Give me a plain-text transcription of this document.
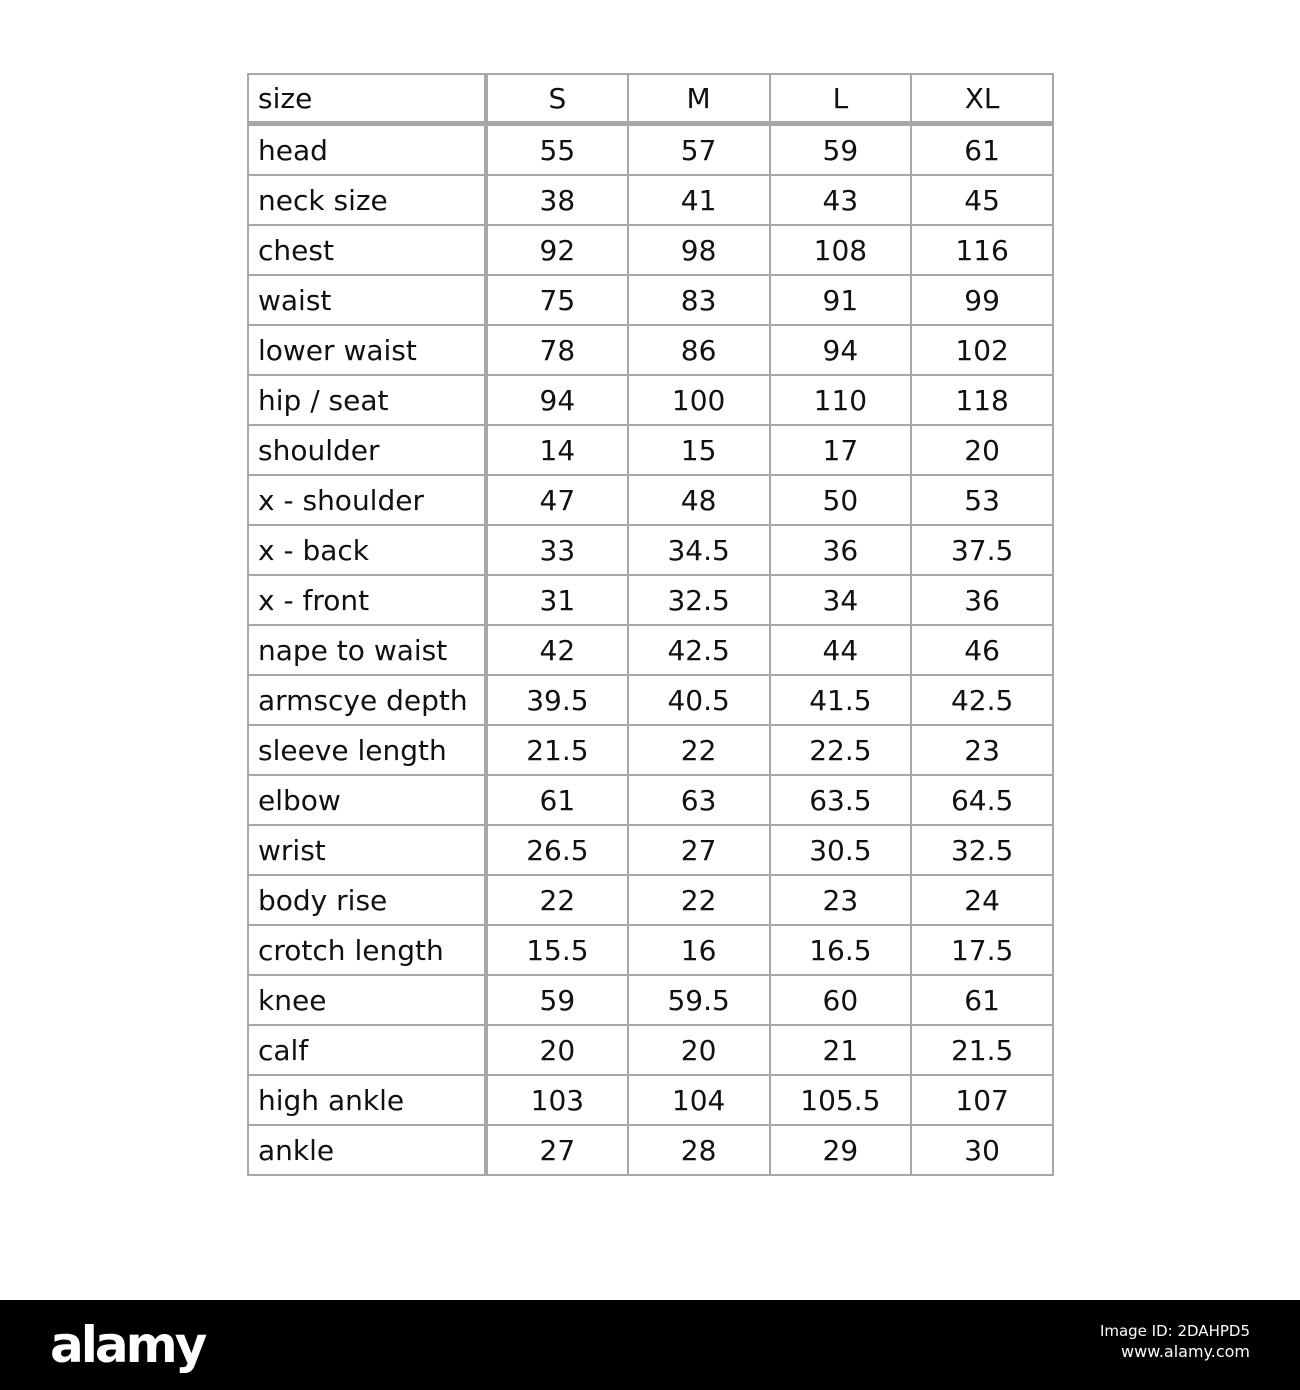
size	S	M	L	XL
head	55	57	59	61
neck size	38	41	43	45
chest	92	98	108	116
waist	75	83	91	99
lower waist	78	86	94	102
hip / seat	94	100	110	118
shoulder	14	15	17	20
x - shoulder	47	48	50	53
x - back	33	34.5	36	37.5
x - front	31	32.5	34	36
nape to waist	42	42.5	44	46
armscye depth	39.5	40.5	41.5	42.5
sleeve length	21.5	22	22.5	23
elbow	61	63	63.5	64.5
wrist	26.5	27	30.5	32.5
body rise	22	22	23	24
crotch length	15.5	16	16.5	17.5
knee	59	59.5	60	61
calf	20	20	21	21.5
high ankle	103	104	105.5	107
ankle	27	28	29	30
alamy	Image ID: 2DAHPD5
www.alamy.com
